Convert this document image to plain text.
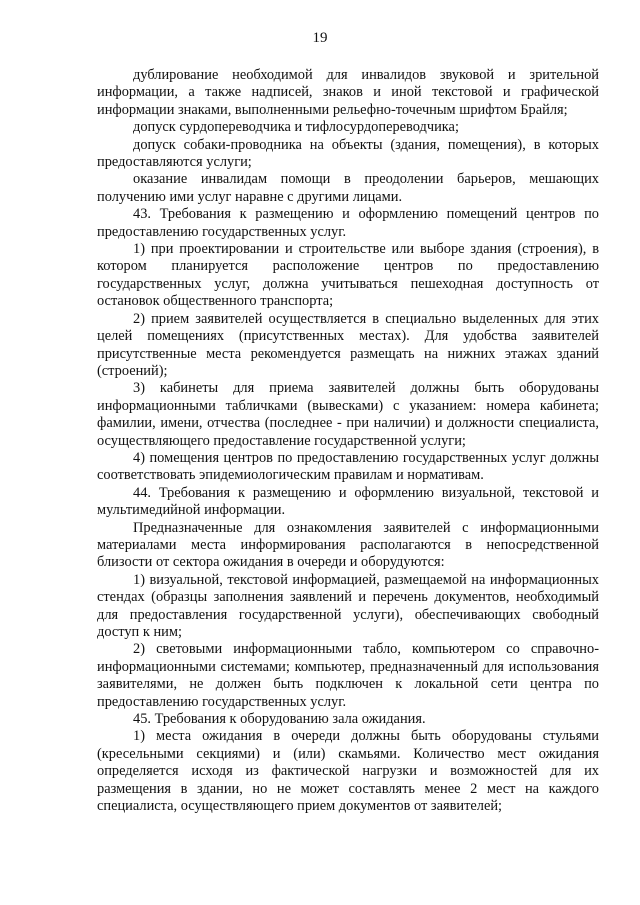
19

дублирование необходимой для инвалидов звуковой и зрительной информации, а также надписей, знаков и иной текстовой и графической информации знаками, выполненными рельефно-точечным шрифтом Брайля;

допуск сурдопереводчика и тифлосурдопереводчика;

допуск собаки-проводника на объекты (здания, помещения), в которых предоставляются услуги;

оказание инвалидам помощи в преодолении барьеров, мешающих получению ими услуг наравне с другими лицами.

43. Требования к размещению и оформлению помещений центров по предоставлению государственных услуг.

1) при проектировании и строительстве или выборе здания (строения), в котором планируется расположение центров по предоставлению государственных услуг, должна учитываться пешеходная доступность от остановок общественного транспорта;

2) прием заявителей осуществляется в специально выделенных для этих целей помещениях (присутственных местах). Для удобства заявителей присутственные места рекомендуется размещать на нижних этажах зданий (строений);

3) кабинеты для приема заявителей должны быть оборудованы информационными табличками (вывесками) с указанием: номера кабинета; фамилии, имени, отчества (последнее - при наличии) и должности специалиста, осуществляющего предоставление государственной услуги;

4) помещения центров по предоставлению государственных услуг должны соответствовать эпидемиологическим правилам и нормативам.

44. Требования к размещению и оформлению визуальной, текстовой и мультимедийной информации.

Предназначенные для ознакомления заявителей с информационными материалами места информирования располагаются в непосредственной близости от сектора ожидания в очереди и оборудуются:

1) визуальной, текстовой информацией, размещаемой на информационных стендах (образцы заполнения заявлений и перечень документов, необходимый для предоставления государственной услуги), обеспечивающих свободный доступ к ним;

2) световыми информационными табло, компьютером со справочно-информационными системами; компьютер, предназначенный для использования заявителями, не должен быть подключен к локальной сети центра по предоставлению государственных услуг.

45. Требования к оборудованию зала ожидания.

1) места ожидания в очереди должны быть оборудованы стульями (кресельными секциями) и (или) скамьями. Количество мест ожидания определяется исходя из фактической нагрузки и возможностей для их размещения в здании, но не может составлять менее 2 мест на каждого специалиста, осуществляющего прием документов от заявителей;
